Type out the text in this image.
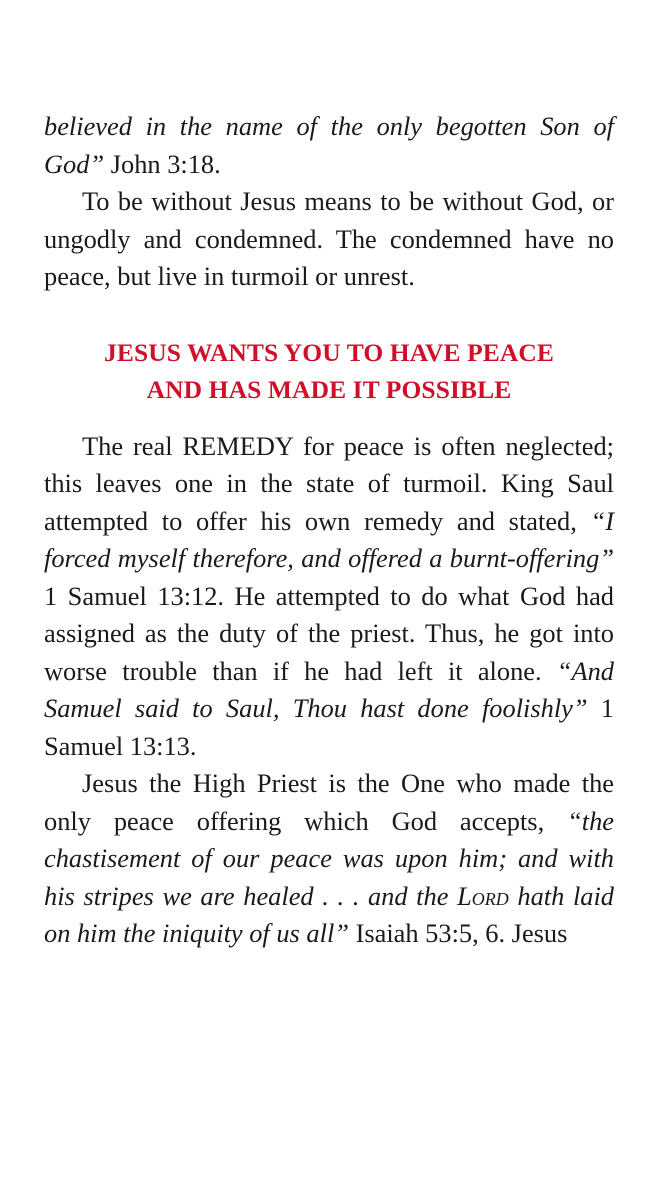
believed in the name of the only begotten Son of God” John 3:18.

To be without Jesus means to be without God, or ungodly and condemned. The condemned have no peace, but live in turmoil or unrest.

JESUS WANTS YOU TO HAVE PEACE
AND HAS MADE IT POSSIBLE

The real REMEDY for peace is often neglected; this leaves one in the state of turmoil. King Saul attempted to offer his own remedy and stated, “I forced myself therefore, and offered a burnt-offering” 1 Samuel 13:12. He attempted to do what God had assigned as the duty of the priest. Thus, he got into worse trouble than if he had left it alone. “And Samuel said to Saul, Thou hast done foolishly” 1 Samuel 13:13.

Jesus the High Priest is the One who made the only peace offering which God accepts, “the chastisement of our peace was upon him; and with his stripes we are healed . . . and the Lord hath laid on him the iniquity of us all” Isaiah 53:5, 6. Jesus
